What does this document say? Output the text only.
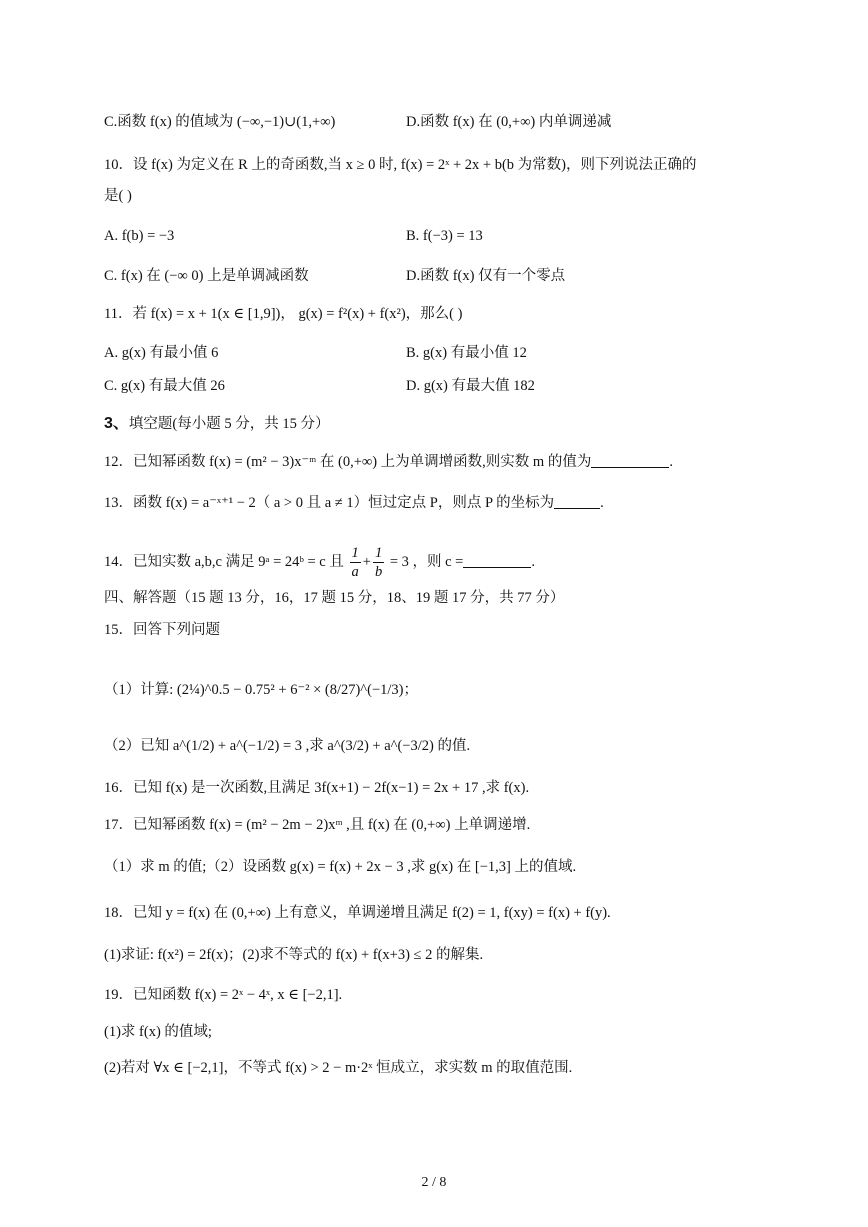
C.函数 f(x) 的值域为 (−∞,−1)∪(1,+∞)	D.函数 f(x) 在 (0,+∞) 内单调递减
10．设 f(x) 为定义在 R 上的奇函数,当 x ≥ 0 时, f(x) = 2ˣ + 2x + b(b 为常数)，则下列说法正确的
是( )
A. f(b) = −3	B. f(−3) = 13
C. f(x) 在 (−∞ 0) 上是单调减函数	D.函数 f(x) 仅有一个零点
11．若 f(x) = x + 1(x ∈ [1,9])， g(x) = f²(x) + f(x²)，那么( )
A. g(x) 有最小值 6	B. g(x) 有最小值 12
C. g(x) 有最大值 26	D. g(x) 有最大值 182
3、填空题(每小题 5 分，共 15 分）
12．已知幂函数 f(x) = (m² − 3)x⁻ᵐ 在 (0,+∞) 上为单调增函数,则实数 m 的值为	.
13．函数 f(x) = a⁻ˣ⁺¹ − 2（ a > 0 且 a ≠ 1）恒过定点 P，则点 P 的坐标为	.
14．已知实数 a,b,c 满足 9ᵃ = 24ᵇ = c 且 $\frac{1}{a} + \frac{1}{b} = 3$ ，则 c =	.
四、解答题（15 题 13 分，16，17 题 15 分，18、19 题 17 分，共 77 分）
15．回答下列问题
（1）计算: (2¼)^0.5 − 0.75² + 6⁻² × (8/27)^(−1/3)；
（2）已知 a^(1/2) + a^(−1/2) = 3 ,求 a^(3/2) + a^(−3/2) 的值.
16．已知 f(x) 是一次函数,且满足 3f(x+1) − 2f(x−1) = 2x + 17 ,求 f(x).
17．已知幂函数 f(x) = (m² − 2m − 2)xᵐ ,且 f(x) 在 (0,+∞) 上单调递增.
（1）求 m 的值;（2）设函数 g(x) = f(x) + 2x − 3 ,求 g(x) 在 [−1,3] 上的值域.
18．已知 y = f(x) 在 (0,+∞) 上有意义，单调递增且满足 f(2) = 1, f(xy) = f(x) + f(y).
(1)求证: f(x²) = 2f(x)；(2)求不等式的 f(x) + f(x+3) ≤ 2 的解集.
19．已知函数 f(x) = 2ˣ − 4ˣ, x ∈ [−2,1].
(1)求 f(x) 的值域;
(2)若对 ∀x ∈ [−2,1]，不等式 f(x) > 2 − m·2ˣ 恒成立，求实数 m 的取值范围.
2 / 8
